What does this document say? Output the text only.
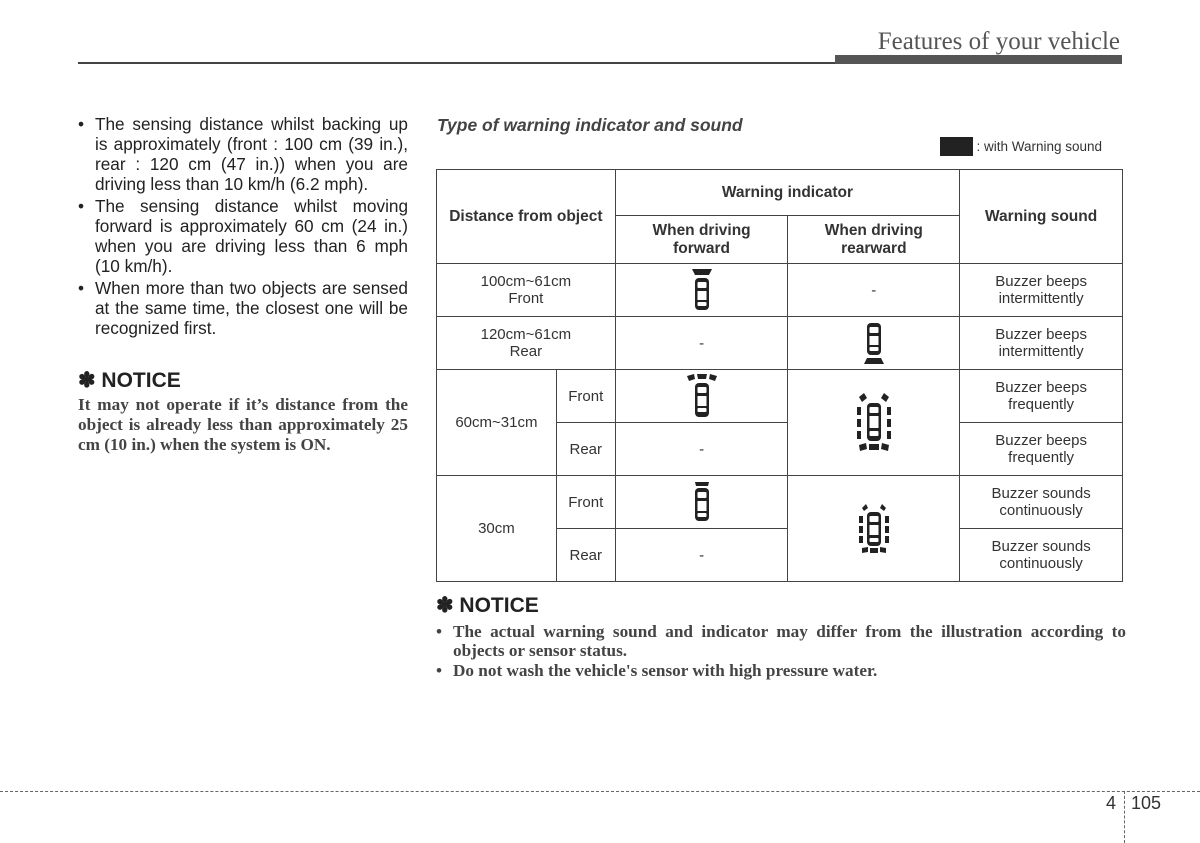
Features of your vehicle
• The sensing distance whilst backing up is approximately (front : 100 cm (39 in.), rear : 120 cm (47 in.)) when you are driving less than 10 km/h (6.2 mph).
• The sensing distance whilst moving forward is approximately 60 cm (24 in.) when you are driving less than 6 mph (10 km/h).
• When more than two objects are sensed at the same time, the closest one will be recognized first.

✽ NOTICE

It may not operate if it’s distance from the object is already less than approximately 25 cm (10 in.) when the system is ON.

Type of warning indicator and sound
: with Warning sound
Distance from object		Warning indicator		Warning sound
		When driving forward	When driving rearward	
100cm~61cmFront			-	Buzzer beeps intermittently
120cm~61cmRear		-		Buzzer beeps intermittently
60cm~31cm	Front			Buzzer beeps frequently
	Rear	-		Buzzer beeps frequently
30cm	Front			Buzzer sounds continuously
	Rear	-		Buzzer sounds continuously

✽ NOTICE

• The actual warning sound and indicator may differ from the illustration according to objects or sensor status.
• Do not wash the vehicle's sensor with high pressure water.
4 105
